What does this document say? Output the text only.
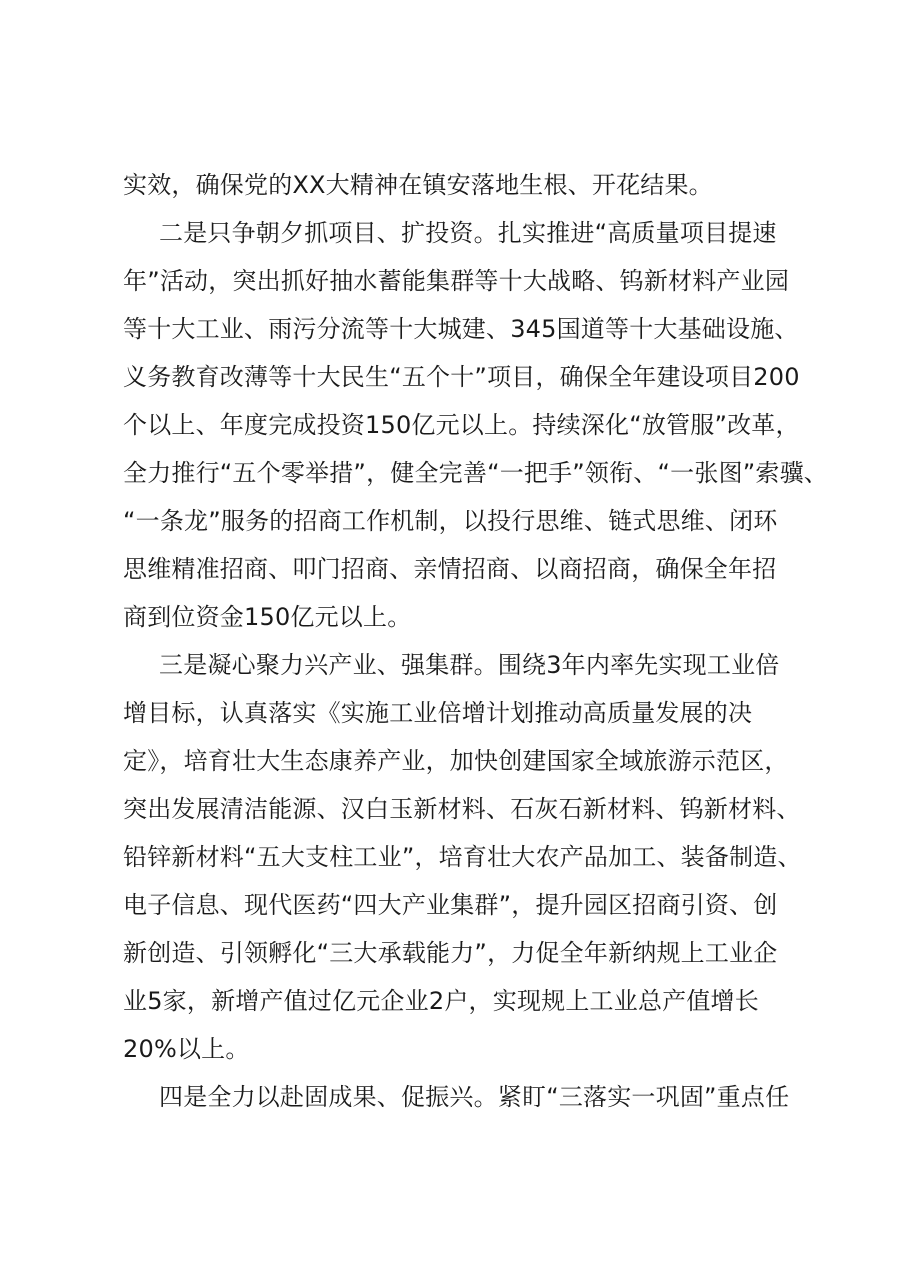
实效，确保党的XX大精神在镇安落地生根、开花结果。
二是只争朝夕抓项目、扩投资。扎实推进“高质量项目提速
年”活动，突出抓好抽水蓄能集群等十大战略、钨新材料产业园
等十大工业、雨污分流等十大城建、345国道等十大基础设施、
义务教育改薄等十大民生“五个十”项目，确保全年建设项目200
个以上、年度完成投资150亿元以上。持续深化“放管服”改革，
全力推行“五个零举措”，健全完善“一把手”领衔、“一张图”索骥、
“一条龙”服务的招商工作机制，以投行思维、链式思维、闭环
思维精准招商、叩门招商、亲情招商、以商招商，确保全年招
商到位资金150亿元以上。
三是凝心聚力兴产业、强集群。围绕3年内率先实现工业倍
增目标，认真落实《实施工业倍增计划推动高质量发展的决
定》，培育壮大生态康养产业，加快创建国家全域旅游示范区，
突出发展清洁能源、汉白玉新材料、石灰石新材料、钨新材料、
铅锌新材料“五大支柱工业”，培育壮大农产品加工、装备制造、
电子信息、现代医药“四大产业集群”，提升园区招商引资、创
新创造、引领孵化“三大承载能力”，力促全年新纳规上工业企
业5家，新增产值过亿元企业2户，实现规上工业总产值增长
20%以上。
四是全力以赴固成果、促振兴。紧盯“三落实一巩固”重点任
